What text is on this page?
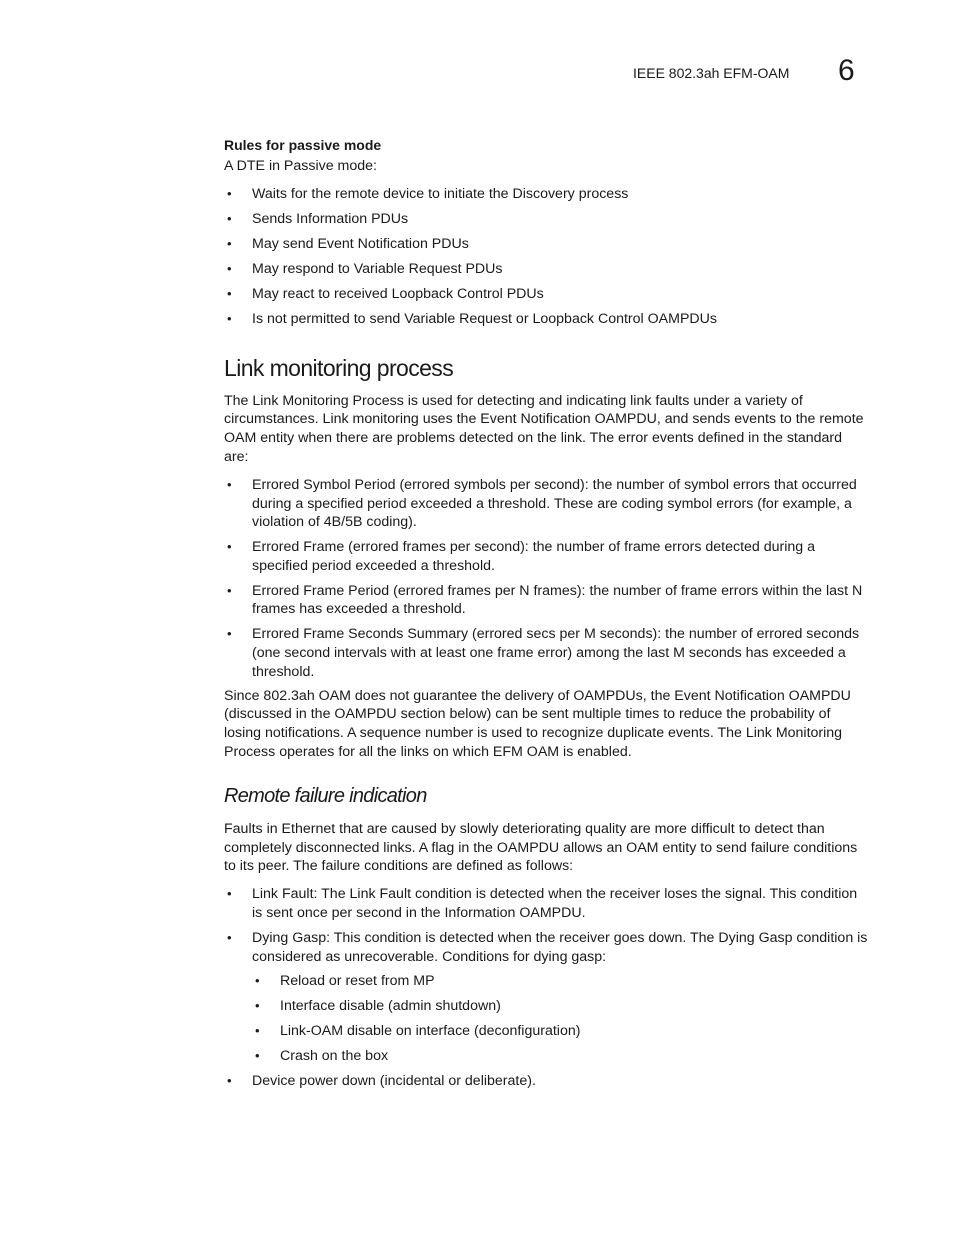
IEEE 802.3ah EFM-OAM 6
Rules for passive mode

A DTE in Passive mode:

• Waits for the remote device to initiate the Discovery process
• Sends Information PDUs
• May send Event Notification PDUs
• May respond to Variable Request PDUs
• May react to received Loopback Control PDUs
• Is not permitted to send Variable Request or Loopback Control OAMPDUs
Link monitoring process

The Link Monitoring Process is used for detecting and indicating link faults under a variety of circumstances. Link monitoring uses the Event Notification OAMPDU, and sends events to the remote OAM entity when there are problems detected on the link. The error events defined in the standard are:

• Errored Symbol Period (errored symbols per second): the number of symbol errors that occurred during a specified period exceeded a threshold. These are coding symbol errors (for example, a violation of 4B/5B coding).
• Errored Frame (errored frames per second): the number of frame errors detected during a specified period exceeded a threshold.
• Errored Frame Period (errored frames per N frames): the number of frame errors within the last N frames has exceeded a threshold.
• Errored Frame Seconds Summary (errored secs per M seconds): the number of errored seconds (one second intervals with at least one frame error) among the last M seconds has exceeded a threshold.

Since 802.3ah OAM does not guarantee the delivery of OAMPDUs, the Event Notification OAMPDU (discussed in the OAMPDU section below) can be sent multiple times to reduce the probability of losing notifications. A sequence number is used to recognize duplicate events. The Link Monitoring Process operates for all the links on which EFM OAM is enabled.

Remote failure indication

Faults in Ethernet that are caused by slowly deteriorating quality are more difficult to detect than completely disconnected links. A flag in the OAMPDU allows an OAM entity to send failure conditions to its peer. The failure conditions are defined as follows:

• Link Fault: The Link Fault condition is detected when the receiver loses the signal. This condition is sent once per second in the Information OAMPDU.
• Dying Gasp: This condition is detected when the receiver goes down. The Dying Gasp condition is considered as unrecoverable. Conditions for dying gasp:
• Reload or reset from MP
• Interface disable (admin shutdown)
• Link-OAM disable on interface (deconfiguration)
• Crash on the box
• Device power down (incidental or deliberate).
